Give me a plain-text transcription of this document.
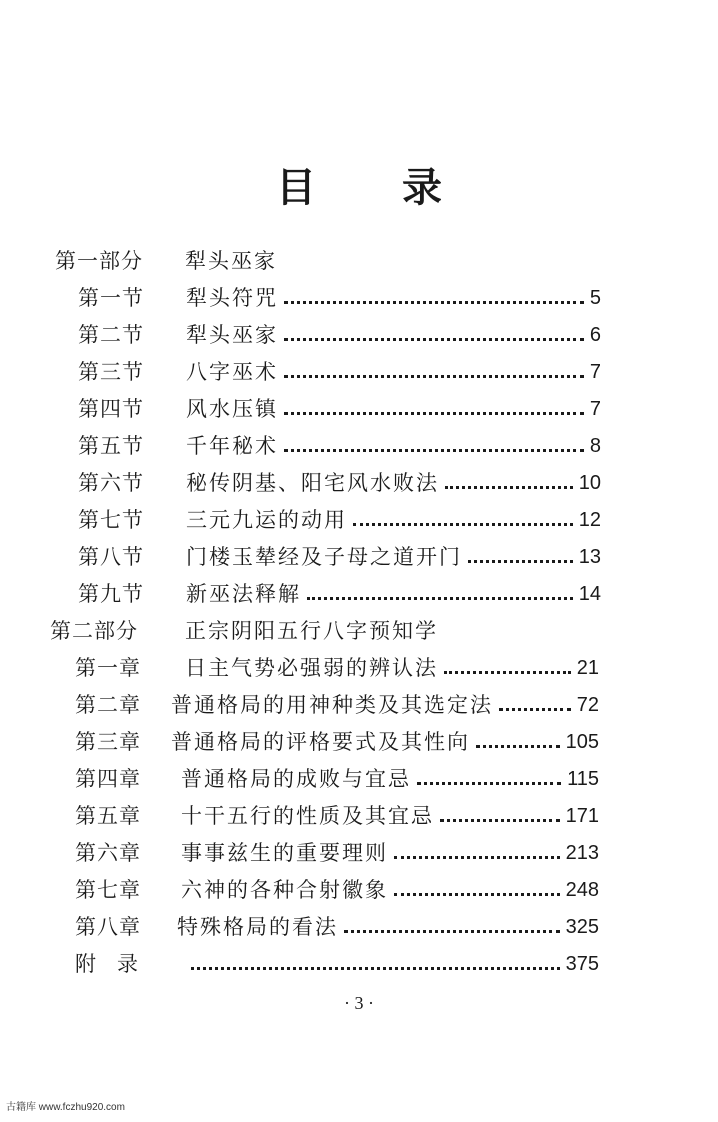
目 录
第一部分	犁头巫家
第一节	犁头符咒	5
第二节	犁头巫家	6
第三节	八字巫术	7
第四节	风水压镇	7
第五节	千年秘术	8
第六节	秘传阴基、阳宅风水败法	10
第七节	三元九运的动用	12
第八节	门楼玉辇经及子母之道开门	13
第九节	新巫法释解	14
第二部分	正宗阴阳五行八字预知学
第一章	日主气势必强弱的辨认法	21
第二章	普通格局的用神种类及其选定法	72
第三章	普通格局的评格要式及其性向	105
第四章	普通格局的成败与宜忌	115
第五章	十干五行的性质及其宜忌	171
第六章	事事兹生的重要理则	213
第七章	六神的各种合射徽象	248
第八章	特殊格局的看法	325
附　录	375
· 3 ·
古籍库 www.fczhu920.com
